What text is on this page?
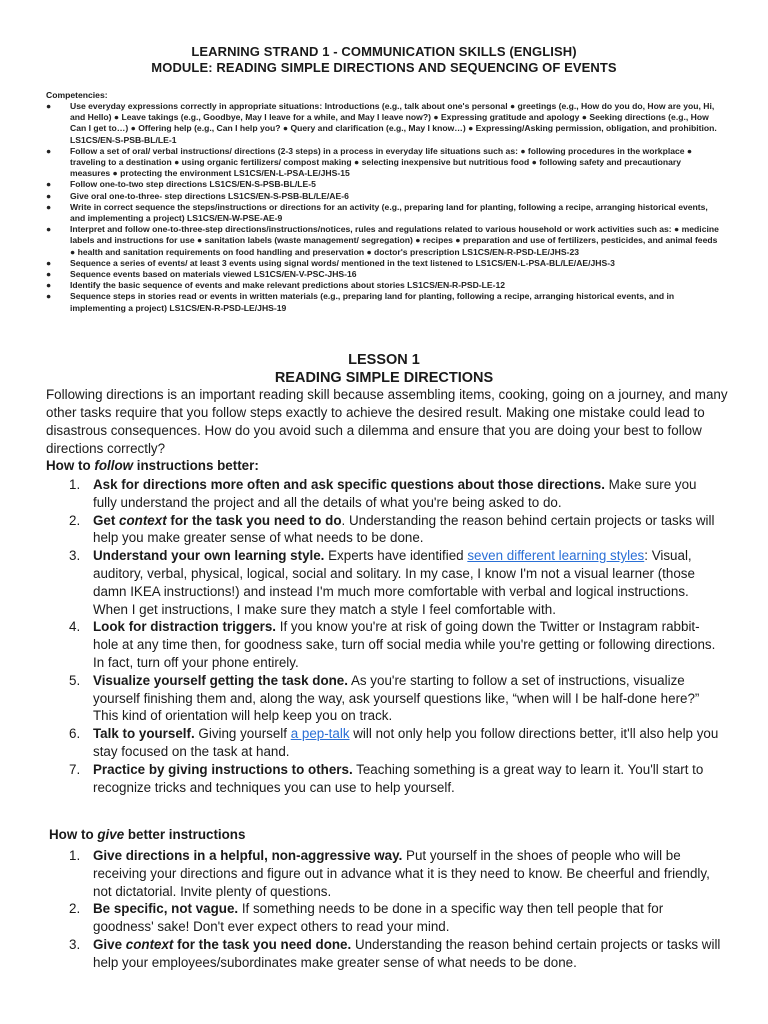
LEARNING STRAND 1 - COMMUNICATION SKILLS (ENGLISH)
MODULE: READING SIMPLE DIRECTIONS AND SEQUENCING OF EVENTS
Competencies:
● Use everyday expressions correctly in appropriate situations: Introductions (e.g., talk about one's personal ● greetings (e.g., How do you do, How are you, Hi, and Hello) ● Leave takings (e.g., Goodbye, May I leave for a while, and May I leave now?) ● Expressing gratitude and apology ● Seeking directions (e.g., How Can I get to…) ● Offering help (e.g., Can I help you? ● Query and clarification (e.g., May I know…) ● Expressing/Asking permission, obligation, and prohibition. LS1CS/EN-S-PSB-BL/LE-1
● Follow a set of oral/ verbal instructions/ directions (2-3 steps) in a process in everyday life situations such as: ● following procedures in the workplace ● traveling to a destination ● using organic fertilizers/ compost making ● selecting inexpensive but nutritious food ● following safety and precautionary measures ● protecting the environment LS1CS/EN-L-PSA-LE/JHS-15
● Follow one-to-two step directions LS1CS/EN-S-PSB-BL/LE-5
● Give oral one-to-three- step directions LS1CS/EN-S-PSB-BL/LE/AE-6
● Write in correct sequence the steps/instructions or directions for an activity (e.g., preparing land for planting, following a recipe, arranging historical events, and implementing a project) LS1CS/EN-W-PSE-AE-9
● Interpret and follow one-to-three-step directions/instructions/notices, rules and regulations related to various household or work activities such as: ● medicine labels and instructions for use ● sanitation labels (waste management/ segregation) ● recipes ● preparation and use of fertilizers, pesticides, and animal feeds ● health and sanitation requirements on food handling and preservation ● doctor's prescription LS1CS/EN-R-PSD-LE/JHS-23
● Sequence a series of events/ at least 3 events using signal words/ mentioned in the text listened to LS1CS/EN-L-PSA-BL/LE/AE/JHS-3
● Sequence events based on materials viewed LS1CS/EN-V-PSC-JHS-16
● Identify the basic sequence of events and make relevant predictions about stories LS1CS/EN-R-PSD-LE-12
● Sequence steps in stories read or events in written materials (e.g., preparing land for planting, following a recipe, arranging historical events, and in implementing a project) LS1CS/EN-R-PSD-LE/JHS-19
LESSON 1
READING SIMPLE DIRECTIONS
Following directions is an important reading skill because assembling items, cooking, going on a journey, and many other tasks require that you follow steps exactly to achieve the desired result. Making one mistake could lead to disastrous consequences. How do you avoid such a dilemma and ensure that you are doing your best to follow directions correctly?
How to follow instructions better:
1. Ask for directions more often and ask specific questions about those directions. Make sure you fully understand the project and all the details of what you're being asked to do.
2. Get context for the task you need to do. Understanding the reason behind certain projects or tasks will help you make greater sense of what needs to be done.
3. Understand your own learning style. Experts have identified seven different learning styles: Visual, auditory, verbal, physical, logical, social and solitary. In my case, I know I'm not a visual learner (those damn IKEA instructions!) and instead I'm much more comfortable with verbal and logical instructions. When I get instructions, I make sure they match a style I feel comfortable with.
4. Look for distraction triggers. If you know you're at risk of going down the Twitter or Instagram rabbit-hole at any time then, for goodness sake, turn off social media while you're getting or following directions. In fact, turn off your phone entirely.
5. Visualize yourself getting the task done. As you're starting to follow a set of instructions, visualize yourself finishing them and, along the way, ask yourself questions like, “when will I be half-done here?” This kind of orientation will help keep you on track.
6. Talk to yourself. Giving yourself a pep-talk will not only help you follow directions better, it'll also help you stay focused on the task at hand.
7. Practice by giving instructions to others. Teaching something is a great way to learn it. You'll start to recognize tricks and techniques you can use to help yourself.
How to give better instructions
1. Give directions in a helpful, non-aggressive way. Put yourself in the shoes of people who will be receiving your directions and figure out in advance what it is they need to know. Be cheerful and friendly, not dictatorial. Invite plenty of questions.
2. Be specific, not vague. If something needs to be done in a specific way then tell people that for goodness' sake! Don't ever expect others to read your mind.
3. Give context for the task you need done. Understanding the reason behind certain projects or tasks will help your employees/subordinates make greater sense of what needs to be done.
